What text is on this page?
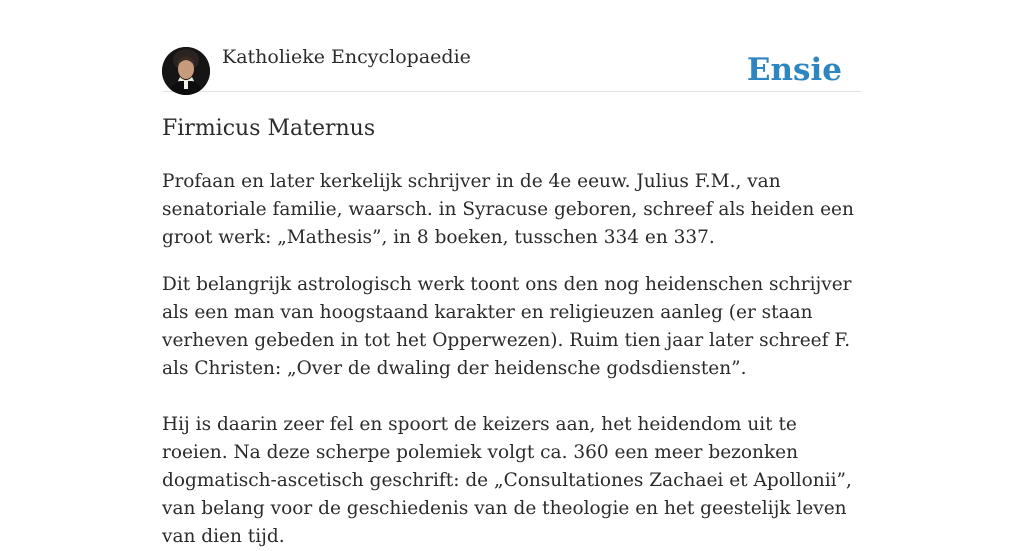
Katholieke Encyclopaedie	Ensie
Firmicus Maternus

Profaan en later kerkelijk schrijver in de 4e eeuw. Julius F.M., van senatoriale familie, waarsch. in Syracuse geboren, schreef als heiden een groot werk: „Mathesis”, in 8 boeken, tusschen 334 en 337.

Dit belangrijk astrologisch werk toont ons den nog heidenschen schrijver als een man van hoogstaand karakter en religieuzen aanleg (er staan verheven gebeden in tot het Opperwezen). Ruim tien jaar later schreef F. als Christen: „Over de dwaling der heidensche godsdiensten”.

Hij is daarin zeer fel en spoort de keizers aan, het heidendom uit te roeien. Na deze scherpe polemiek volgt ca. 360 een meer bezonken dogmatisch-ascetisch geschrift: de „Consultationes Zachaei et Apollonii”, van belang voor de geschiedenis van de theologie en het geestelijk leven van dien tijd.
